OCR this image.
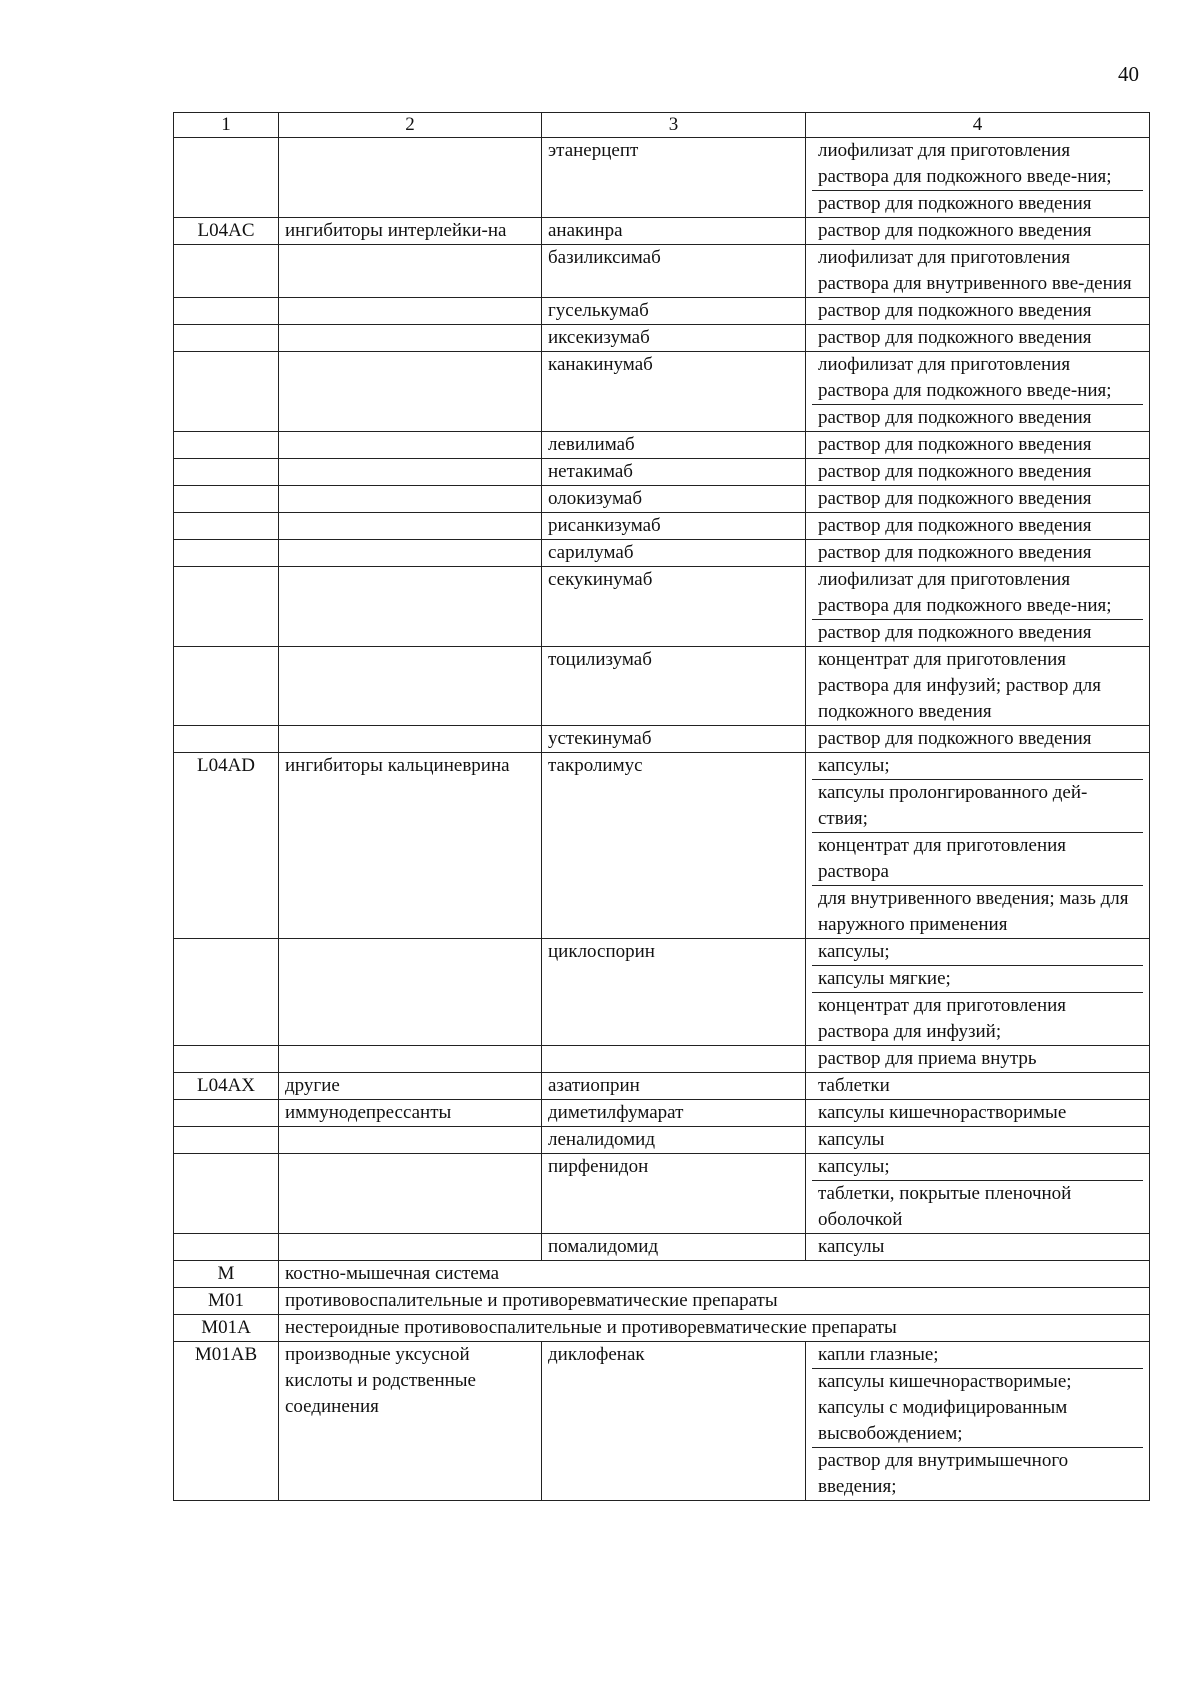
40
1	2	3	4
		этанерцепт	лиофилизат для приготовления раствора для подкожного введе-ния;
раствор для подкожного введения

L04AC	ингибиторы интерлейки-на	анакинра	раствор для подкожного введения

		базиликсимаб	лиофилизат для приготовления раствора для внутривенного вве-дения

		гуселькумаб	раствор для подкожного введения

		иксекизумаб	раствор для подкожного введения

		канакинумаб	лиофилизат для приготовления раствора для подкожного введе-ния;
раствор для подкожного введения

		левилимаб	раствор для подкожного введения

		нетакимаб	раствор для подкожного введения

		олокизумаб	раствор для подкожного введения

		рисанкизумаб	раствор для подкожного введения

		сарилумаб	раствор для подкожного введения

		секукинумаб	лиофилизат для приготовления раствора для подкожного введе-ния;
раствор для подкожного введения

		тоцилизумаб	концентрат для приготовления раствора для инфузий; раствор для подкожного введения

		устекинумаб	раствор для подкожного введения

L04AD	ингибиторы кальциневрина	такролимус	капсулы;
капсулы пролонгированного дей-ствия;
концентрат для приготовления раствора
для внутривенного введения; мазь для наружного применения

		циклоспорин	капсулы;
капсулы мягкие;
концентрат для приготовления раствора для инфузий;

			раствор для приема внутрь

L04AX	другие	азатиоприн	таблетки

	иммунодепрессанты	диметилфумарат	капсулы кишечнорастворимые

		леналидомид	капсулы

		пирфенидон	капсулы;
таблетки, покрытые пленочной оболочкой

		помалидомид	капсулы

M	костно-мышечная система		
M01	противовоспалительные и противоревматические препараты		
M01A	нестероидные противовоспалительные и противоревматические препараты		
M01AB	производные уксусной кислоты и родственные соединения	диклофенак	капли глазные;
капсулы кишечнорастворимые; капсулы с модифицированным высвобождением;
раствор для внутримышечного введения;
